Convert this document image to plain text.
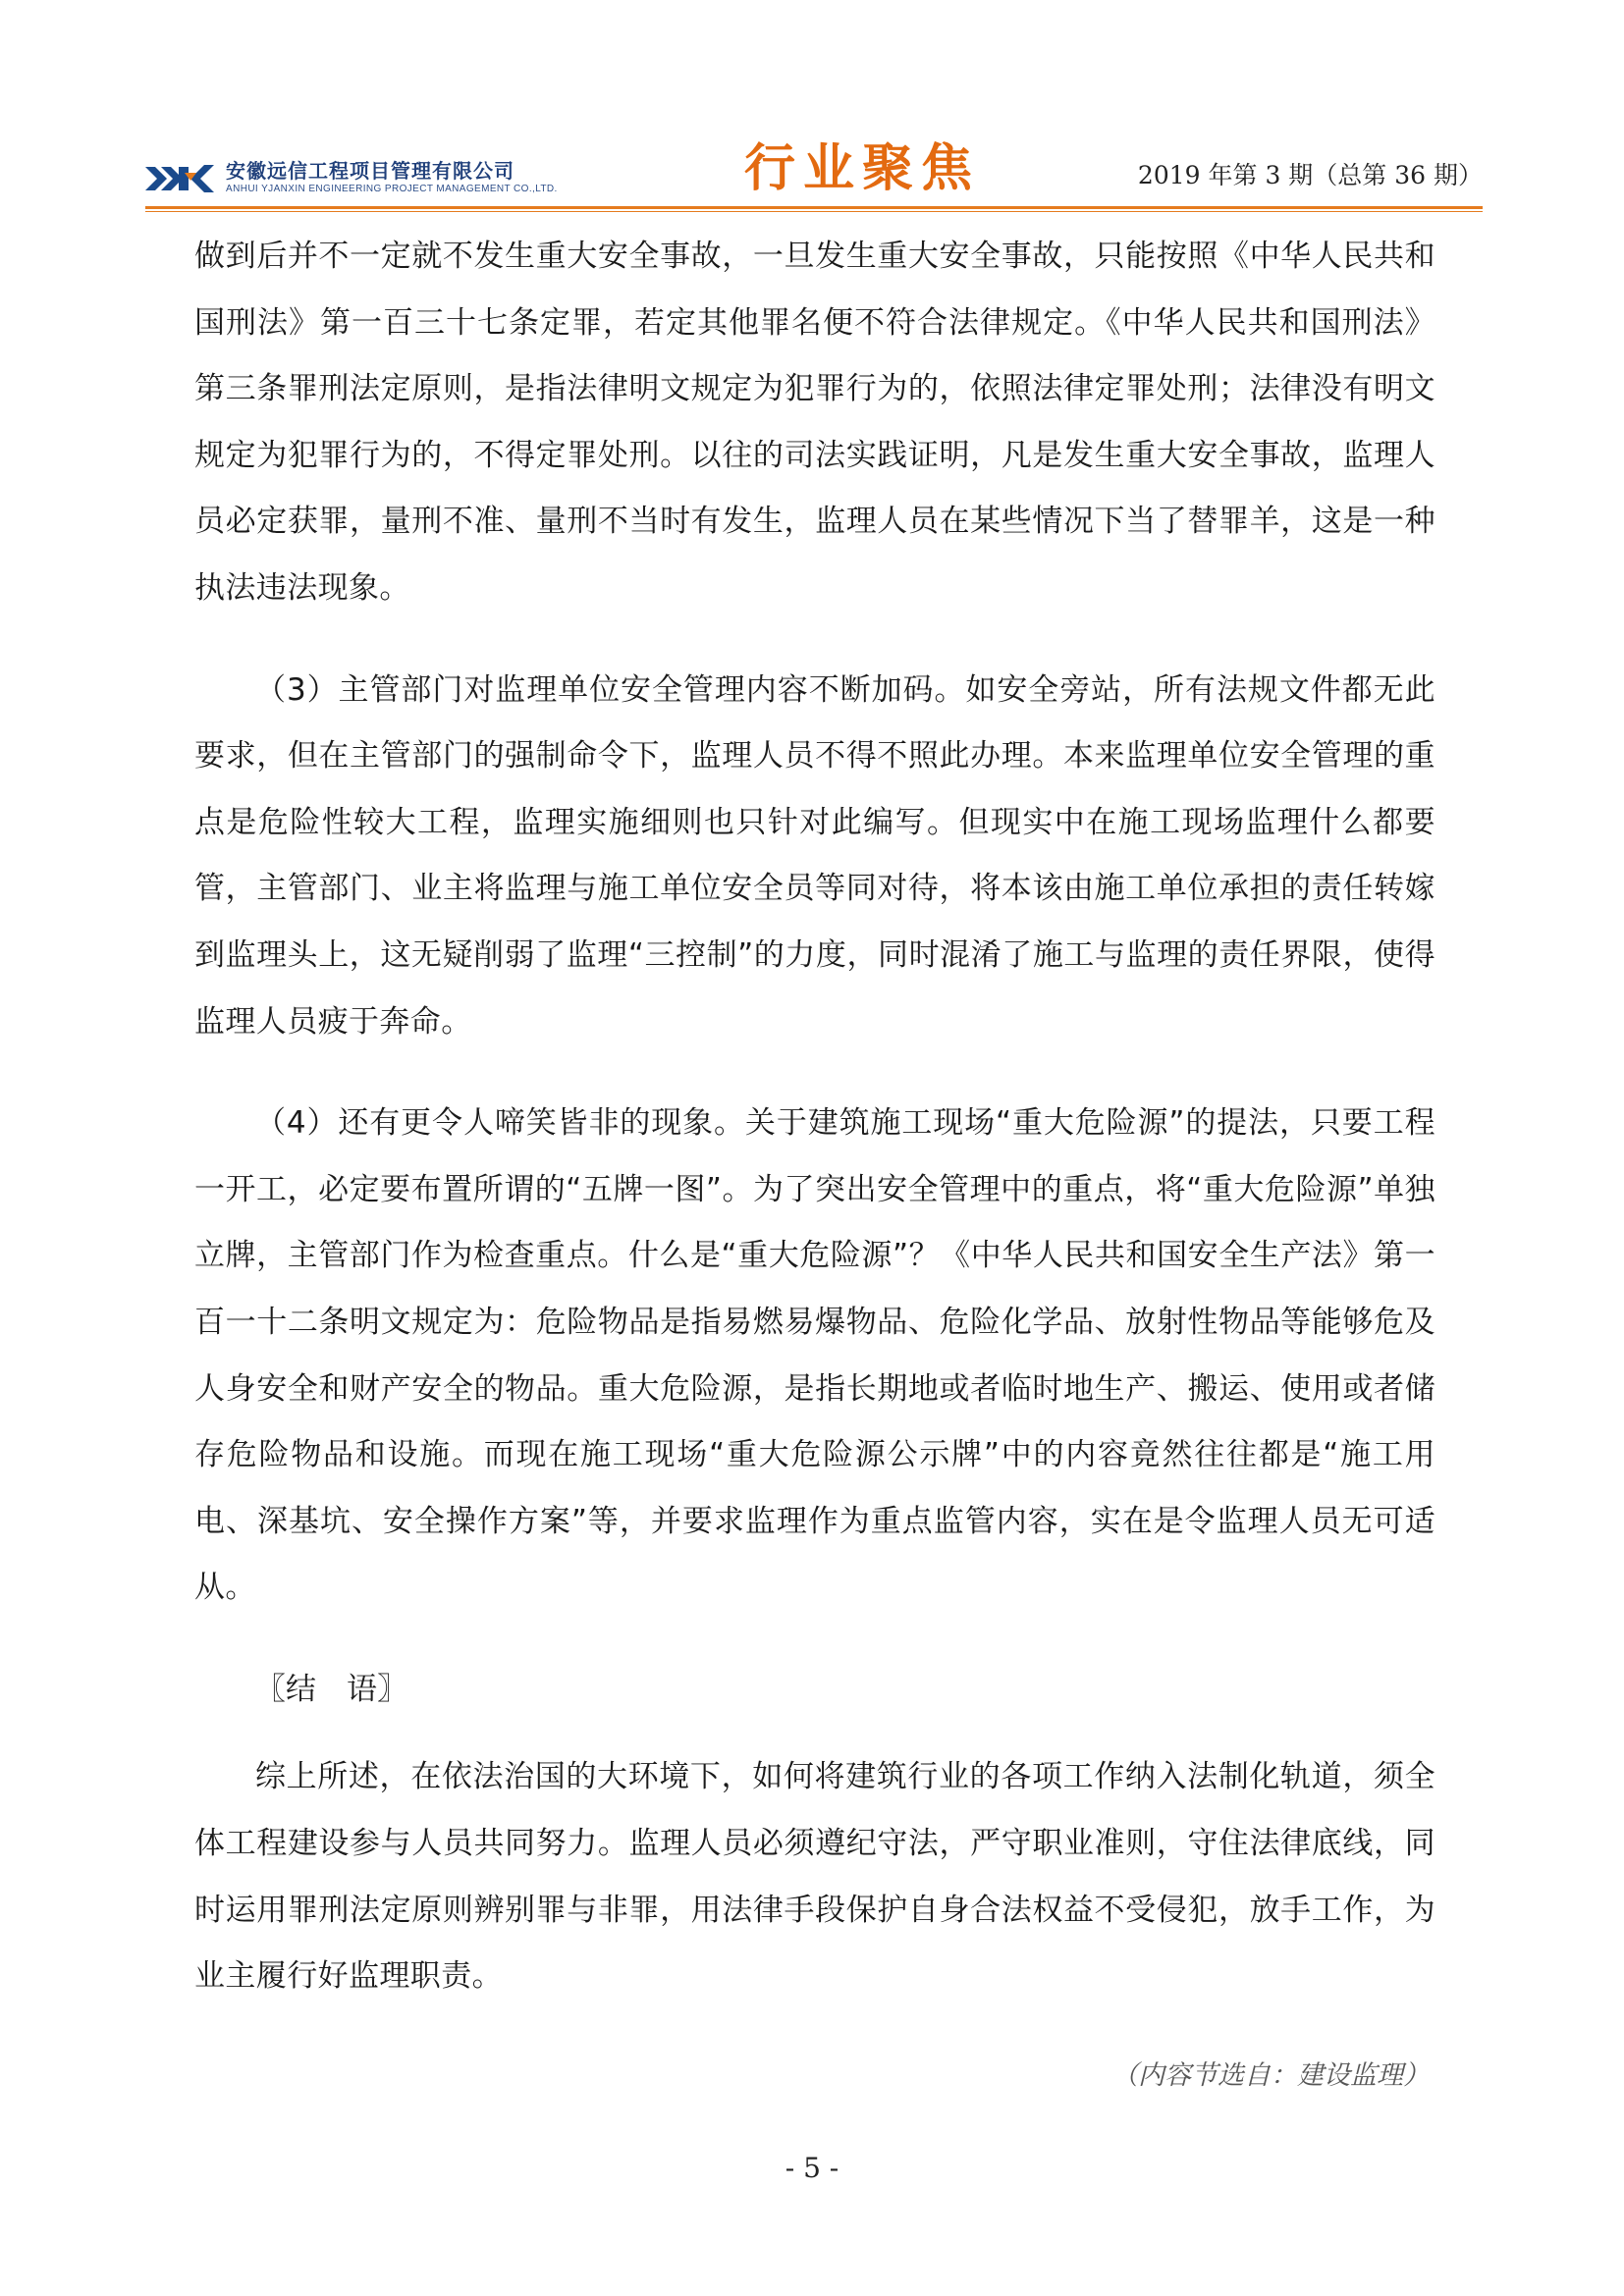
安徽远信工程项目管理有限公司
ANHUI YJANXIN ENGINEERING PROJECT MANAGEMENT CO.,LTD.	行业聚焦	2019 年第 3 期（总第 36 期）

做到后并不一定就不发生重大安全事故，一旦发生重大安全事故，只能按照《中华人民共和国刑法》第一百三十七条定罪，若定其他罪名便不符合法律规定。《中华人民共和国刑法》第三条罪刑法定原则，是指法律明文规定为犯罪行为的，依照法律定罪处刑；法律没有明文规定为犯罪行为的，不得定罪处刑。以往的司法实践证明，凡是发生重大安全事故，监理人员必定获罪，量刑不准、量刑不当时有发生，监理人员在某些情况下当了替罪羊，这是一种执法违法现象。

（3）主管部门对监理单位安全管理内容不断加码。如安全旁站，所有法规文件都无此要求，但在主管部门的强制命令下，监理人员不得不照此办理。本来监理单位安全管理的重点是危险性较大工程，监理实施细则也只针对此编写。但现实中在施工现场监理什么都要管，主管部门、业主将监理与施工单位安全员等同对待，将本该由施工单位承担的责任转嫁到监理头上，这无疑削弱了监理“三控制”的力度，同时混淆了施工与监理的责任界限，使得监理人员疲于奔命。

（4）还有更令人啼笑皆非的现象。关于建筑施工现场“重大危险源”的提法，只要工程一开工，必定要布置所谓的“五牌一图”。为了突出安全管理中的重点，将“重大危险源”单独立牌，主管部门作为检查重点。什么是“重大危险源”？《中华人民共和国安全生产法》第一百一十二条明文规定为：危险物品是指易燃易爆物品、危险化学品、放射性物品等能够危及人身安全和财产安全的物品。重大危险源，是指长期地或者临时地生产、搬运、使用或者储存危险物品和设施。而现在施工现场“重大危险源公示牌”中的内容竟然往往都是“施工用电、深基坑、安全操作方案”等，并要求监理作为重点监管内容，实在是令监理人员无可适从。

〖结　语〗

综上所述，在依法治国的大环境下，如何将建筑行业的各项工作纳入法制化轨道，须全体工程建设参与人员共同努力。监理人员必须遵纪守法，严守职业准则，守住法律底线，同时运用罪刑法定原则辨别罪与非罪，用法律手段保护自身合法权益不受侵犯，放手工作，为业主履行好监理职责。

（内容节选自：建设监理）
- 5 -
